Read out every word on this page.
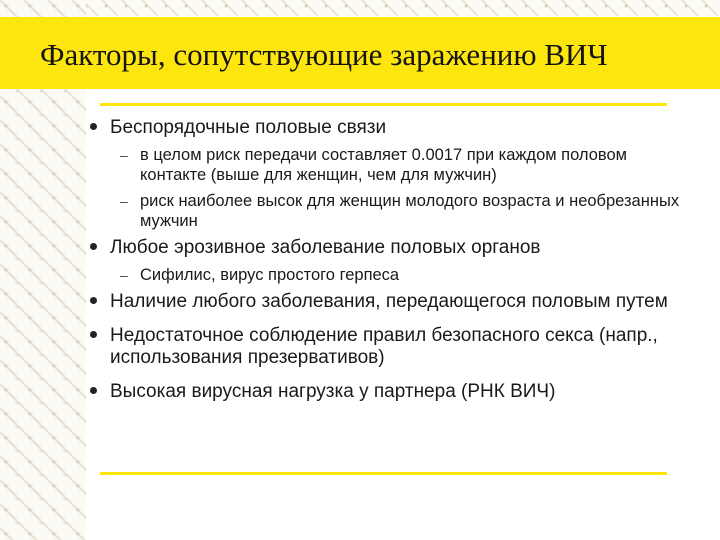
Факторы, сопутствующие заражению ВИЧ
Беспорядочные половые связи
– в целом риск передачи составляет 0.0017 при каждом половом контакте (выше для женщин, чем для мужчин)
– риск наиболее высок для женщин молодого возраста и необрезанных мужчин
Любое эрозивное заболевание половых органов
– Сифилис, вирус простого герпеса
Наличие любого заболевания, передающегося половым путем
Недостаточное соблюдение правил безопасного секса (напр., использования презервативов)
Высокая вирусная нагрузка у партнера (РНК ВИЧ)
